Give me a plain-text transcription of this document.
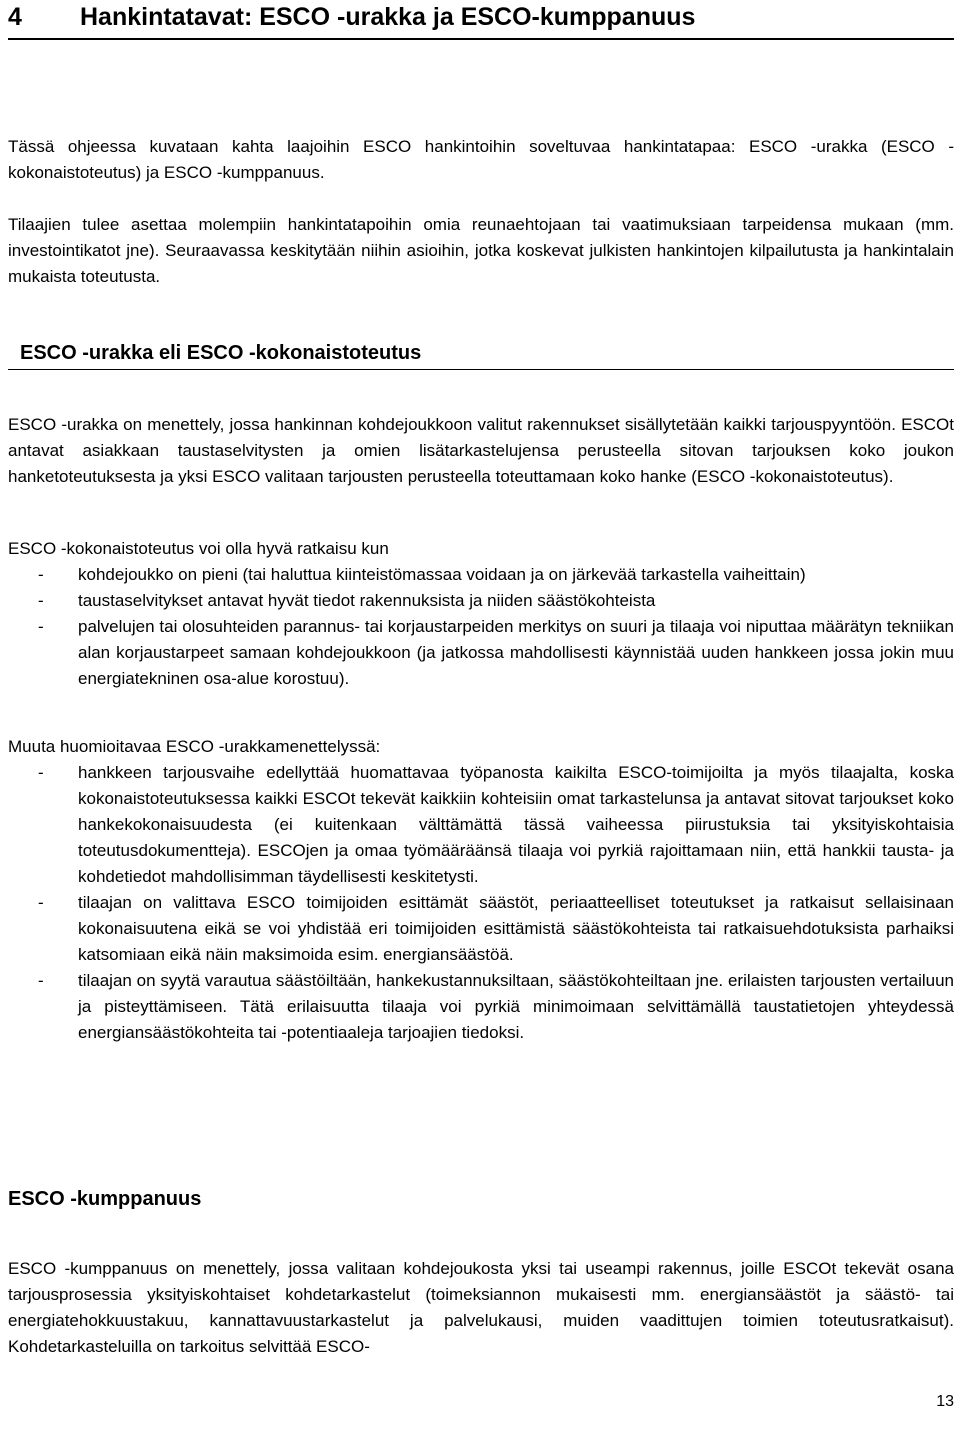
4 Hankintatavat: ESCO -urakka ja ESCO-kumppanuus

Tässä ohjeessa kuvataan kahta laajoihin ESCO hankintoihin soveltuvaa hankintatapaa: ESCO -urakka (ESCO -kokonaistoteutus) ja ESCO -kumppanuus.

Tilaajien tulee asettaa molempiin hankintatapoihin omia reunaehtojaan tai vaatimuksiaan tarpeidensa mukaan (mm. investointikatot jne). Seuraavassa keskitytään niihin asioihin, jotka koskevat julkisten hankintojen kilpailutusta ja hankintalain mukaista toteutusta.

ESCO -urakka eli ESCO -kokonaistoteutus

ESCO -urakka on menettely, jossa hankinnan kohdejoukkoon valitut rakennukset sisällytetään kaikki tarjouspyyntöön. ESCOt antavat asiakkaan taustaselvitysten ja omien lisätarkastelujensa perusteella sitovan tarjouksen koko joukon hanketoteutuksesta ja yksi ESCO valitaan tarjousten perusteella toteuttamaan koko hanke (ESCO -kokonaistoteutus).

ESCO -kokonaistoteutus voi olla hyvä ratkaisu kun

- kohdejoukko on pieni (tai haluttua kiinteistömassaa voidaan ja on järkevää tarkastella vaiheittain)
- taustaselvitykset antavat hyvät tiedot rakennuksista ja niiden säästökohteista
- palvelujen tai olosuhteiden parannus- tai korjaustarpeiden merkitys on suuri ja tilaaja voi niputtaa määrätyn tekniikan alan korjaustarpeet samaan kohdejoukkoon (ja jatkossa mahdollisesti käynnistää uuden hankkeen jossa jokin muu energiatekninen osa-alue korostuu).

Muuta huomioitavaa ESCO -urakkamenettelyssä:

- hankkeen tarjousvaihe edellyttää huomattavaa työpanosta kaikilta ESCO-toimijoilta ja myös tilaajalta, koska kokonaistoteutuksessa kaikki ESCOt tekevät kaikkiin kohteisiin omat tarkastelunsa ja antavat sitovat tarjoukset koko hankekokonaisuudesta (ei kuitenkaan välttämättä tässä vaiheessa piirustuksia tai yksityiskohtaisia toteutusdokumentteja). ESCOjen ja omaa työmääräänsä tilaaja voi pyrkiä rajoittamaan niin, että hankkii tausta- ja kohdetiedot mahdollisimman täydellisesti keskitetysti.
- tilaajan on valittava ESCO toimijoiden esittämät säästöt, periaatteelliset toteutukset ja ratkaisut sellaisinaan kokonaisuutena eikä se voi yhdistää eri toimijoiden esittämistä säästökohteista tai ratkaisuehdotuksista parhaiksi katsomiaan eikä näin maksimoida esim. energiansäästöä.
- tilaajan on syytä varautua säästöiltään, hankekustannuksiltaan, säästökohteiltaan jne. erilaisten tarjousten vertailuun ja pisteyttämiseen. Tätä erilaisuutta tilaaja voi pyrkiä minimoimaan selvittämällä taustatietojen yhteydessä energiansäästökohteita tai -potentiaaleja tarjoajien tiedoksi.
ESCO -kumppanuus

ESCO -kumppanuus on menettely, jossa valitaan kohdejoukosta yksi tai useampi rakennus, joille ESCOt tekevät osana tarjousprosessia yksityiskohtaiset kohdetarkastelut (toimeksiannon mukaisesti mm. energiansäästöt ja säästö- tai energiatehokkuustakuu, kannattavuustarkastelut ja palvelukausi, muiden vaadittujen toimien toteutusratkaisut). Kohdetarkasteluilla on tarkoitus selvittää ESCO-

13
